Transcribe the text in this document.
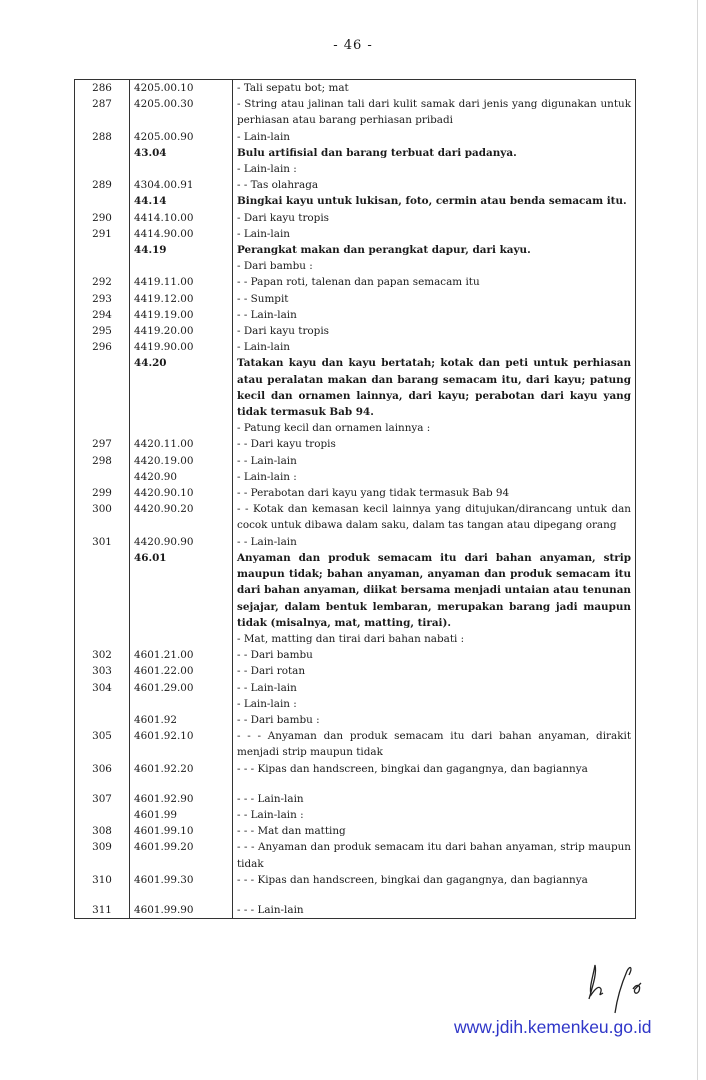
- 46 -
286	4205.00.10	- Tali sepatu bot; mat
287	4205.00.30	- String atau jalinan tali dari kulit samak dari jenis yang digunakan untuk perhiasan atau barang perhiasan pribadi
288	4205.00.90	- Lain-lain
	43.04	Bulu artifisial dan barang terbuat dari padanya.
		- Lain-lain :
289	4304.00.91	- - Tas olahraga
	44.14	Bingkai kayu untuk lukisan, foto, cermin atau benda semacam itu.
290	4414.10.00	- Dari kayu tropis
291	4414.90.00	- Lain-lain
	44.19	Perangkat makan dan perangkat dapur, dari kayu.
		- Dari bambu :
292	4419.11.00	- - Papan roti, talenan dan papan semacam itu
293	4419.12.00	- - Sumpit
294	4419.19.00	- - Lain-lain
295	4419.20.00	- Dari kayu tropis
296	4419.90.00	- Lain-lain
	44.20	Tatakan kayu dan kayu bertatah; kotak dan peti untuk perhiasan atau peralatan makan dan barang semacam itu, dari kayu; patung kecil dan ornamen lainnya, dari kayu; perabotan dari kayu yang tidak termasuk Bab 94.
		- Patung kecil dan ornamen lainnya :
297	4420.11.00	- - Dari kayu tropis
298	4420.19.00	- - Lain-lain
	4420.90	- Lain-lain :
299	4420.90.10	- - Perabotan dari kayu yang tidak termasuk Bab 94
300	4420.90.20	- - Kotak dan kemasan kecil lainnya yang ditujukan/dirancang untuk dan cocok untuk dibawa dalam saku, dalam tas tangan atau dipegang orang
301	4420.90.90	- - Lain-lain
	46.01	Anyaman dan produk semacam itu dari bahan anyaman, strip maupun tidak; bahan anyaman, anyaman dan produk semacam itu dari bahan anyaman, diikat bersama menjadi untaian atau tenunan sejajar, dalam bentuk lembaran, merupakan barang jadi maupun tidak (misalnya, mat, matting, tirai).
		- Mat, matting dan tirai dari bahan nabati :
302	4601.21.00	- - Dari bambu
303	4601.22.00	- - Dari rotan
304	4601.29.00	- - Lain-lain
		- Lain-lain :
	4601.92	- - Dari bambu :
305	4601.92.10	- - - Anyaman dan produk semacam itu dari bahan anyaman, dirakit menjadi strip maupun tidak
306	4601.92.20	- - - Kipas dan handscreen, bingkai dan gagangnya, dan bagiannya
307	4601.92.90	- - - Lain-lain
	4601.99	- - Lain-lain :
308	4601.99.10	- - - Mat dan matting
309	4601.99.20	- - - Anyaman dan produk semacam itu dari bahan anyaman, strip maupun tidak
310	4601.99.30	- - - Kipas dan handscreen, bingkai dan gagangnya, dan bagiannya
311	4601.99.90	- - - Lain-lain
www.jdih.kemenkeu.go.id
